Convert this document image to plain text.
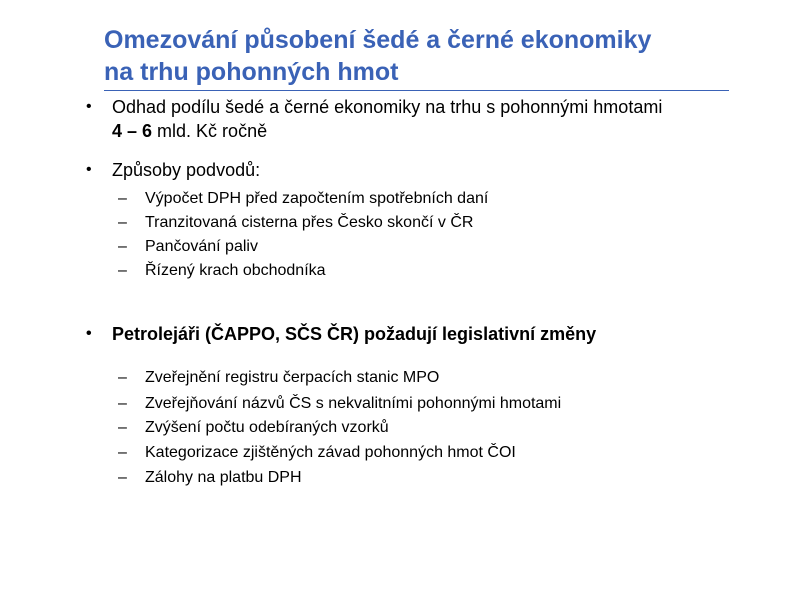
Omezování působení šedé a černé ekonomiky
na trhu pohonných hmot
• Odhad podílu šedé a černé ekonomiky na trhu s pohonnými hmotami 4 – 6 mld. Kč ročně
• Způsoby podvodů:
– Výpočet DPH před započtením spotřebních daní
– Tranzitovaná cisterna přes Česko skončí v ČR
– Pančování paliv
– Řízený krach obchodníka
• Petrolejáři (ČAPPO, SČS ČR) požadují legislativní změny
– Zveřejnění registru čerpacích stanic MPO
– Zveřejňování názvů ČS s nekvalitními pohonnými hmotami
– Zvýšení počtu odebíraných vzorků
– Kategorizace zjištěných závad pohonných hmot ČOI
– Zálohy na platbu DPH
